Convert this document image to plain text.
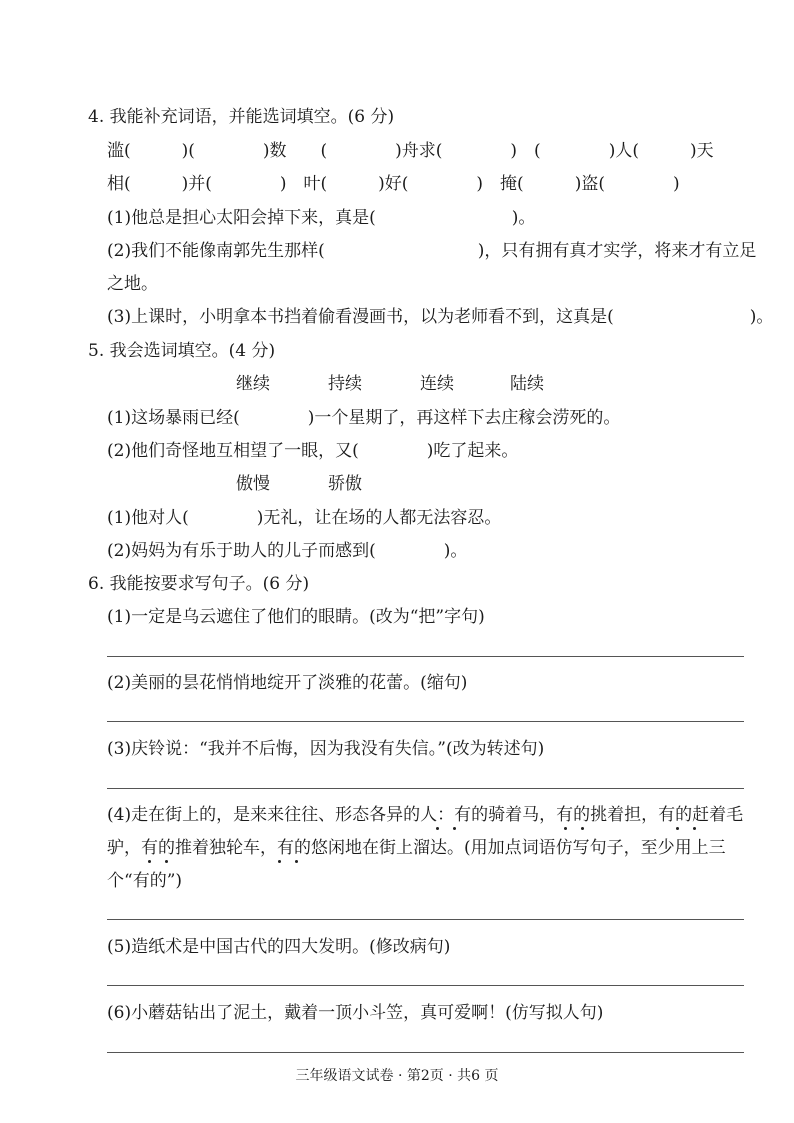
4. 我能补充词语，并能选词填空。(6 分)

滥(　　　)(　　　　)数　　(　　　　)舟求(　　　　)　(　　　　)人(　　　)天

相(　　　)并(　　　　)　叶(　　　)好(　　　　)　掩(　　　)盗(　　　　)

(1)他总是担心太阳会掉下来，真是(　　　　　　　　)。

(2)我们不能像南郭先生那样(　　　　　　　　　)，只有拥有真才实学，将来才有立足

之地。

(3)上课时，小明拿本书挡着偷看漫画书，以为老师看不到，这真是(　　　　　　　　)。

5. 我会选词填空。(4 分)

继续	持续	连续	陆续

(1)这场暴雨已经(　　　　)一个星期了，再这样下去庄稼会涝死的。

(2)他们奇怪地互相望了一眼，又(　　　　)吃了起来。

傲慢	骄傲

(1)他对人(　　　　)无礼，让在场的人都无法容忍。

(2)妈妈为有乐于助人的儿子而感到(　　　　)。

6. 我能按要求写句子。(6 分)

(1)一定是乌云遮住了他们的眼睛。(改为“把”字句)

(2)美丽的昙花悄悄地绽开了淡雅的花蕾。(缩句)

(3)庆铃说：“我并不后悔，因为我没有失信。”(改为转述句)

(4)走在街上的，是来来往往、形态各异的人：有的骑着马，有的挑着担，有的赶着毛

驴，有的推着独轮车，有的悠闲地在街上溜达。(用加点词语仿写句子，至少用上三

个“有的”)

(5)造纸术是中国古代的四大发明。(修改病句)

(6)小蘑菇钻出了泥土，戴着一顶小斗笠，真可爱啊！(仿写拟人句)

三年级语文试卷 · 第2页 · 共6 页
